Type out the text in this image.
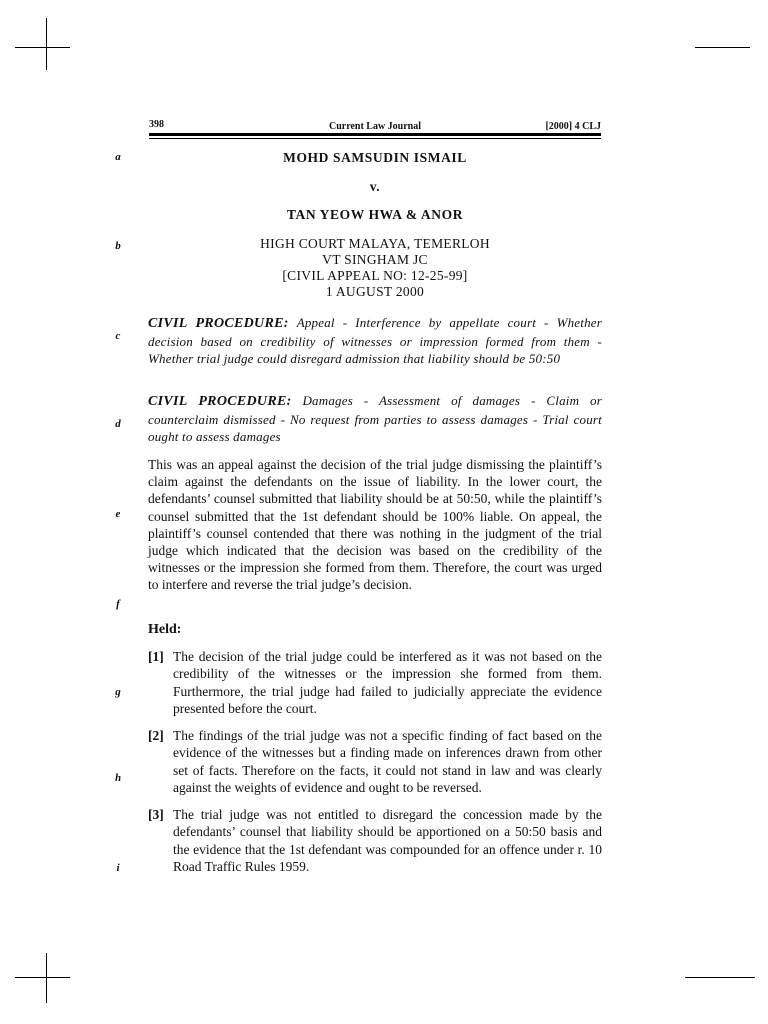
398	Current Law Journal	[2000] 4 CLJ
a
b
c
d
e
f
g
h
i
MOHD SAMSUDIN ISMAIL
v.
TAN YEOW HWA & ANOR
HIGH COURT MALAYA, TEMERLOH
VT SINGHAM JC
[CIVIL APPEAL NO: 12-25-99]
1 AUGUST 2000
CIVIL PROCEDURE: Appeal - Interference by appellate court - Whether decision based on credibility of witnesses or impression formed from them - Whether trial judge could disregard admission that liability should be 50:50
CIVIL PROCEDURE: Damages - Assessment of damages - Claim or counterclaim dismissed - No request from parties to assess damages - Trial court ought to assess damages
This was an appeal against the decision of the trial judge dismissing the plaintiff’s claim against the defendants on the issue of liability. In the lower court, the defendants’ counsel submitted that liability should be at 50:50, while the plaintiff’s counsel submitted that the 1st defendant should be 100% liable. On appeal, the plaintiff’s counsel contended that there was nothing in the judgment of the trial judge which indicated that the decision was based on the credibility of the witnesses or the impression she formed from them. Therefore, the court was urged to interfere and reverse the trial judge’s decision.
Held:
[1] The decision of the trial judge could be interfered as it was not based on the credibility of the witnesses or the impression she formed from them. Furthermore, the trial judge had failed to judicially appreciate the evidence presented before the court.
[2] The findings of the trial judge was not a specific finding of fact based on the evidence of the witnesses but a finding made on inferences drawn from other set of facts. Therefore on the facts, it could not stand in law and was clearly against the weights of evidence and ought to be reversed.
[3] The trial judge was not entitled to disregard the concession made by the defendants’ counsel that liability should be apportioned on a 50:50 basis and the evidence that the 1st defendant was compounded for an offence under r. 10 Road Traffic Rules 1959.
